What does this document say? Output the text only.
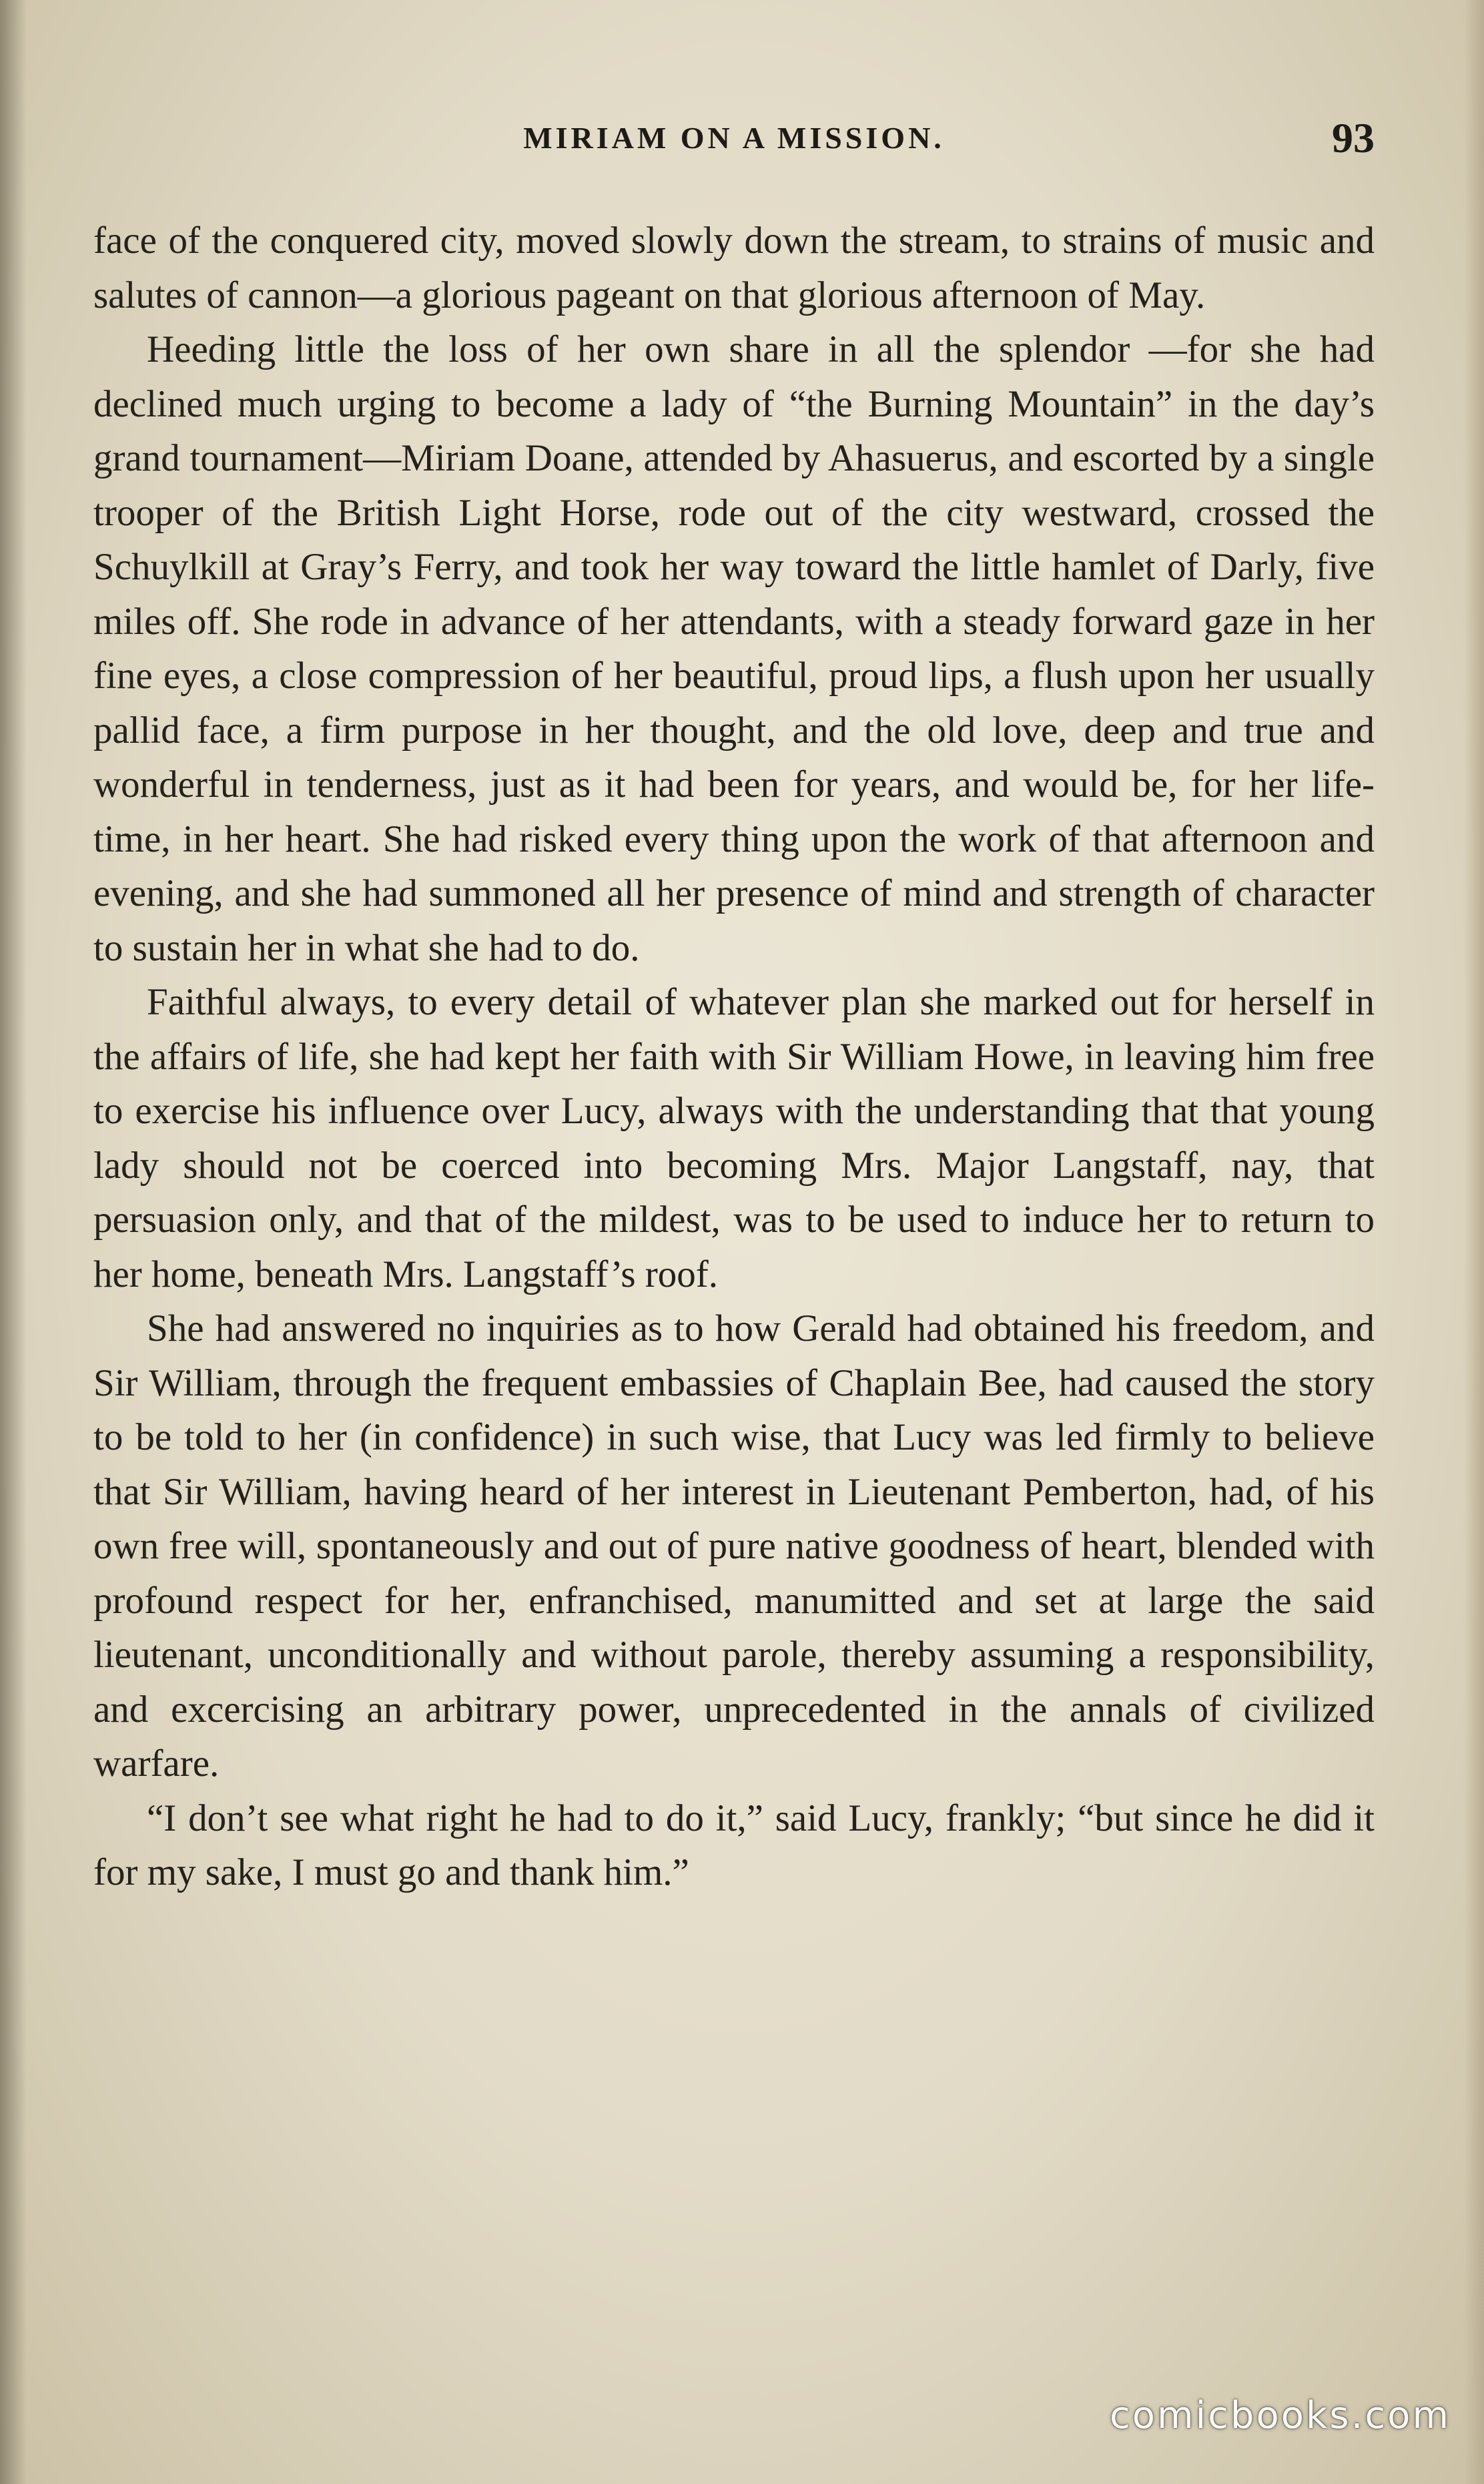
MIRIAM ON A MISSION.	93

face of the conquered city, moved slowly down the stream, to strains of music and salutes of cannon—a glorious pageant on that glorious afternoon of May.

Heeding little the loss of her own share in all the splendor —for she had declined much urging to become a lady of “the Burning Mountain” in the day’s grand tournament—Miriam Doane, attended by Ahasuerus, and escorted by a single trooper of the British Light Horse, rode out of the city westward, crossed the Schuylkill at Gray’s Ferry, and took her way toward the little hamlet of Darly, five miles off. She rode in advance of her attendants, with a steady forward gaze in her fine eyes, a close compression of her beautiful, proud lips, a flush upon her usually pallid face, a firm purpose in her thought, and the old love, deep and true and wonderful in tenderness, just as it had been for years, and would be, for her life-time, in her heart. She had risked every thing upon the work of that afternoon and evening, and she had summoned all her presence of mind and strength of character to sustain her in what she had to do.

Faithful always, to every detail of whatever plan she marked out for herself in the affairs of life, she had kept her faith with Sir William Howe, in leaving him free to exercise his influence over Lucy, always with the understanding that that young lady should not be coerced into becoming Mrs. Major Langstaff, nay, that persuasion only, and that of the mildest, was to be used to induce her to return to her home, beneath Mrs. Langstaff’s roof.

She had answered no inquiries as to how Gerald had obtained his freedom, and Sir William, through the frequent embassies of Chaplain Bee, had caused the story to be told to her (in confidence) in such wise, that Lucy was led firmly to believe that Sir William, having heard of her interest in Lieutenant Pemberton, had, of his own free will, spontaneously and out of pure native goodness of heart, blended with profound respect for her, enfranchised, manumitted and set at large the said lieutenant, unconditionally and without parole, thereby assuming a responsibility, and excercising an arbitrary power, unprecedented in the annals of civilized warfare.

“I don’t see what right he had to do it,” said Lucy, frankly; “but since he did it for my sake, I must go and thank him.”

comicbooks.com
